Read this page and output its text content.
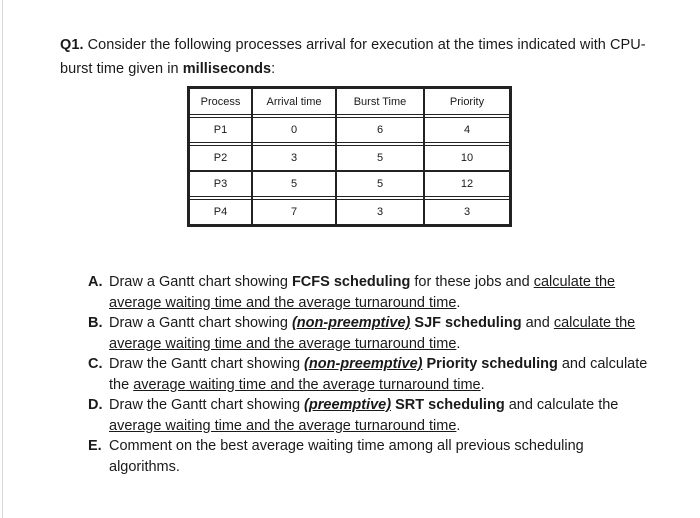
Q1. Consider the following processes arrival for execution at the times indicated with CPU-burst time given in milliseconds:
Process	Arrival time	Burst Time	Priority

P1	0	6	4

P2	3	5	10
P3	5	5	12

P4	7	3	3
A. Draw a Gantt chart showing FCFS scheduling for these jobs and calculate the average waiting time and the average turnaround time.
B. Draw a Gantt chart showing (non-preemptive) SJF scheduling and calculate the average waiting time and the average turnaround time.
C. Draw the Gantt chart showing (non-preemptive) Priority scheduling and calculate the average waiting time and the average turnaround time.
D. Draw the Gantt chart showing (preemptive) SRT scheduling and calculate the average waiting time and the average turnaround time.
E. Comment on the best average waiting time among all previous scheduling algorithms.
